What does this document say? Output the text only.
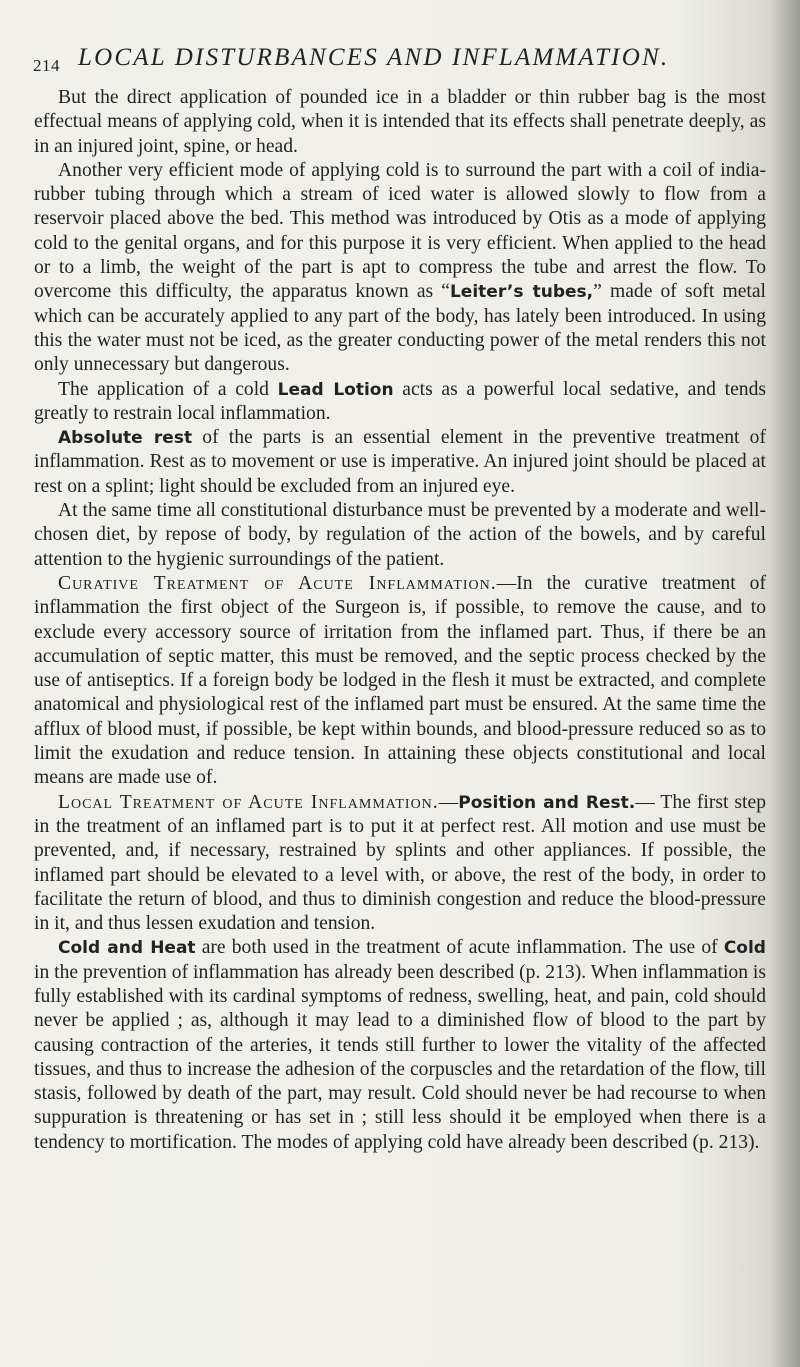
214 LOCAL DISTURBANCES AND INFLAMMATION.

But the direct application of pounded ice in a bladder or thin rubber bag is the most effectual means of applying cold, when it is intended that its effects shall penetrate deeply, as in an injured joint, spine, or head.

Another very efficient mode of applying cold is to surround the part with a coil of india-rubber tubing through which a stream of iced water is allowed slowly to flow from a reservoir placed above the bed. This method was introduced by Otis as a mode of applying cold to the genital organs, and for this purpose it is very efficient. When applied to the head or to a limb, the weight of the part is apt to compress the tube and arrest the flow. To overcome this difficulty, the apparatus known as “Leiter’s tubes,” made of soft metal which can be accurately applied to any part of the body, has lately been introduced. In using this the water must not be iced, as the greater conducting power of the metal renders this not only unnecessary but dangerous.

The application of a cold Lead Lotion acts as a powerful local sedative, and tends greatly to restrain local inflammation.

Absolute rest of the parts is an essential element in the preventive treatment of inflammation. Rest as to movement or use is imperative. An injured joint should be placed at rest on a splint; light should be excluded from an injured eye.

At the same time all constitutional disturbance must be prevented by a moderate and well-chosen diet, by repose of body, by regulation of the action of the bowels, and by careful attention to the hygienic surroundings of the patient.

Curative Treatment of Acute Inflammation.—In the curative treatment of inflammation the first object of the Surgeon is, if possible, to remove the cause, and to exclude every accessory source of irritation from the inflamed part. Thus, if there be an accumulation of septic matter, this must be removed, and the septic process checked by the use of antiseptics. If a foreign body be lodged in the flesh it must be extracted, and complete anatomical and physiological rest of the inflamed part must be ensured. At the same time the afflux of blood must, if possible, be kept within bounds, and blood-pressure reduced so as to limit the exudation and reduce tension. In attaining these objects constitutional and local means are made use of.

Local Treatment of Acute Inflammation.—Position and Rest.— The first step in the treatment of an inflamed part is to put it at perfect rest. All motion and use must be prevented, and, if necessary, restrained by splints and other appliances. If possible, the inflamed part should be elevated to a level with, or above, the rest of the body, in order to facilitate the return of blood, and thus to diminish congestion and reduce the blood-pressure in it, and thus lessen exudation and tension.

Cold and Heat are both used in the treatment of acute inflammation. The use of Cold in the prevention of inflammation has already been described (p. 213). When inflammation is fully established with its cardinal symptoms of redness, swelling, heat, and pain, cold should never be applied ; as, although it may lead to a diminished flow of blood to the part by causing contraction of the arteries, it tends still further to lower the vitality of the affected tissues, and thus to increase the adhesion of the corpuscles and the retardation of the flow, till stasis, followed by death of the part, may result. Cold should never be had recourse to when suppuration is threatening or has set in ; still less should it be employed when there is a tendency to mortification. The modes of applying cold have already been described (p. 213).
